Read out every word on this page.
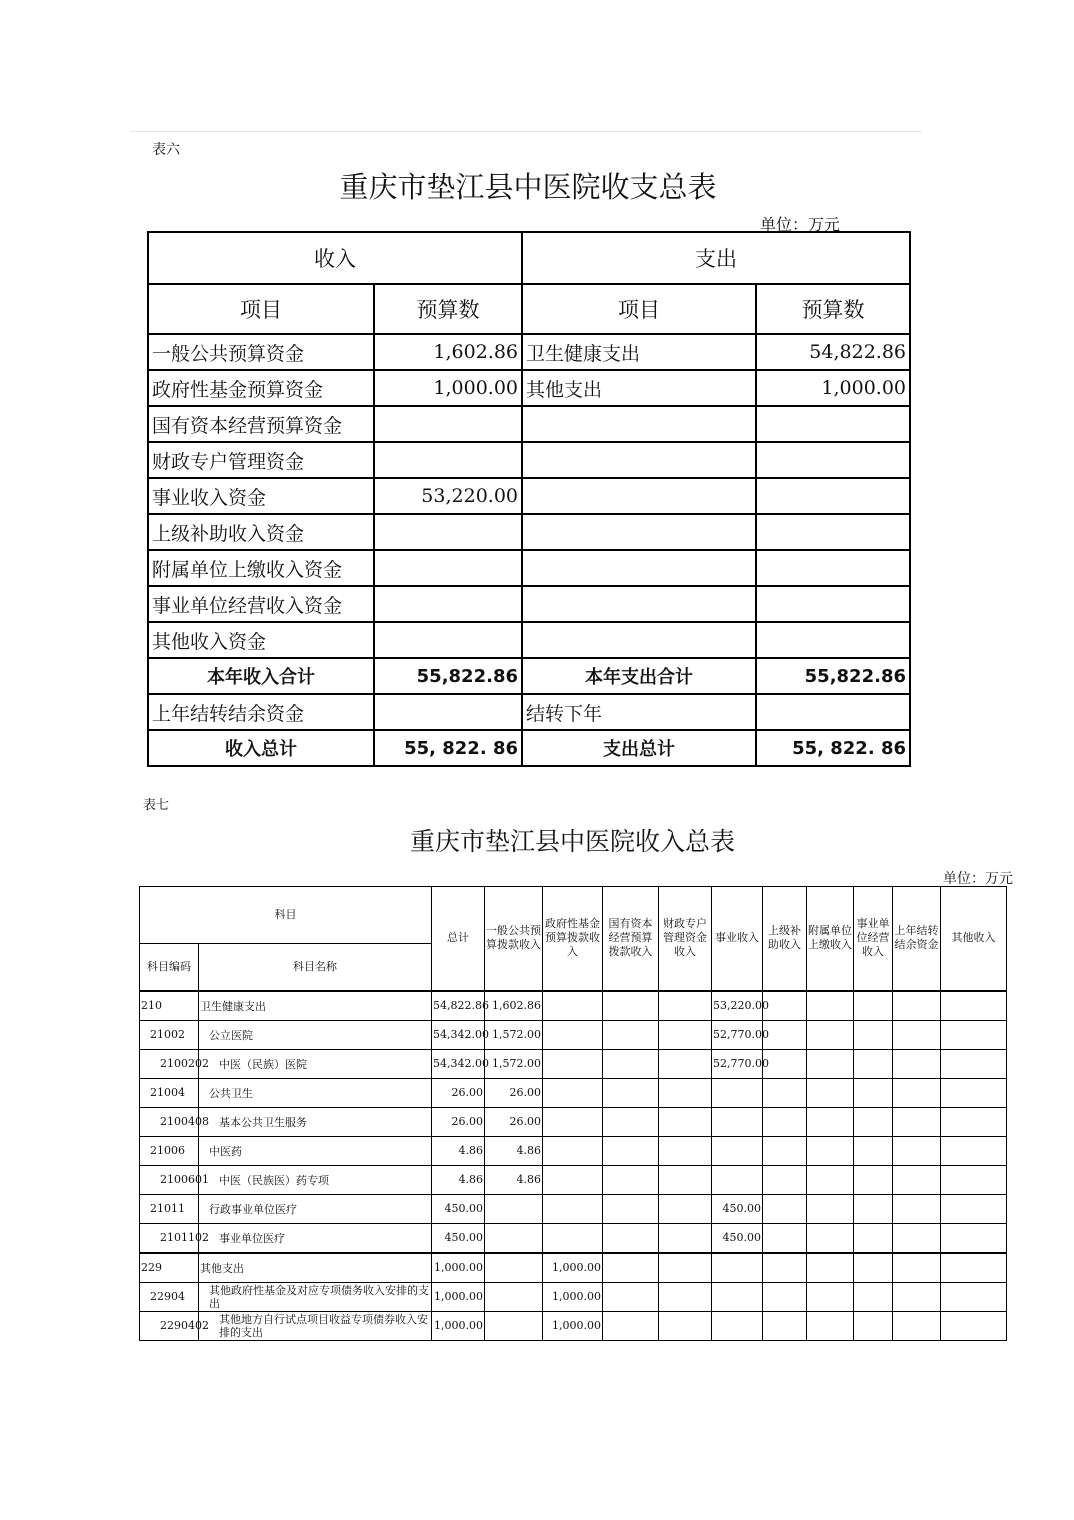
表六
重庆市垫江县中医院收支总表
单位：万元
收入		支出	
项目	预算数	项目	预算数
一般公共预算资金	1,602.86	卫生健康支出	54,822.86
政府性基金预算资金	1,000.00	其他支出	1,000.00
国有资本经营预算资金			
财政专户管理资金			
事业收入资金	53,220.00		
上级补助收入资金			
附属单位上缴收入资金			
事业单位经营收入资金			
其他收入资金			
本年收入合计	55,822.86	本年支出合计	55,822.86
上年结转结余资金		结转下年	
收入总计	55, 822. 86	支出总计	55, 822. 86
表七
重庆市垫江县中医院收入总表
单位：万元
科目		总计	一般公共预算拨款收入	政府性基金预算拨款收入	国有资本经营预算拨款收入	财政专户管理资金收入	事业收入	上级补助收入	附属单位上缴收入	事业单位经营收入	上年结转结余资金	其他收入
科目编码	科目名称											
210	卫生健康支出	54,822.86	1,602.86				53,220.00					
21002	公立医院	54,342.00	1,572.00				52,770.00					
2100202	中医（民族）医院	54,342.00	1,572.00				52,770.00					
21004	公共卫生	26.00	26.00									
2100408	基本公共卫生服务	26.00	26.00									
21006	中医药	4.86	4.86									
2100601	中医（民族医）药专项	4.86	4.86									
21011	行政事业单位医疗	450.00					450.00					
2101102	事业单位医疗	450.00					450.00					
229	其他支出	1,000.00		1,000.00								
22904	其他政府性基金及对应专项债务收入安排的支出	1,000.00		1,000.00								
2290402	其他地方自行试点项目收益专项债券收入安排的支出	1,000.00		1,000.00								
